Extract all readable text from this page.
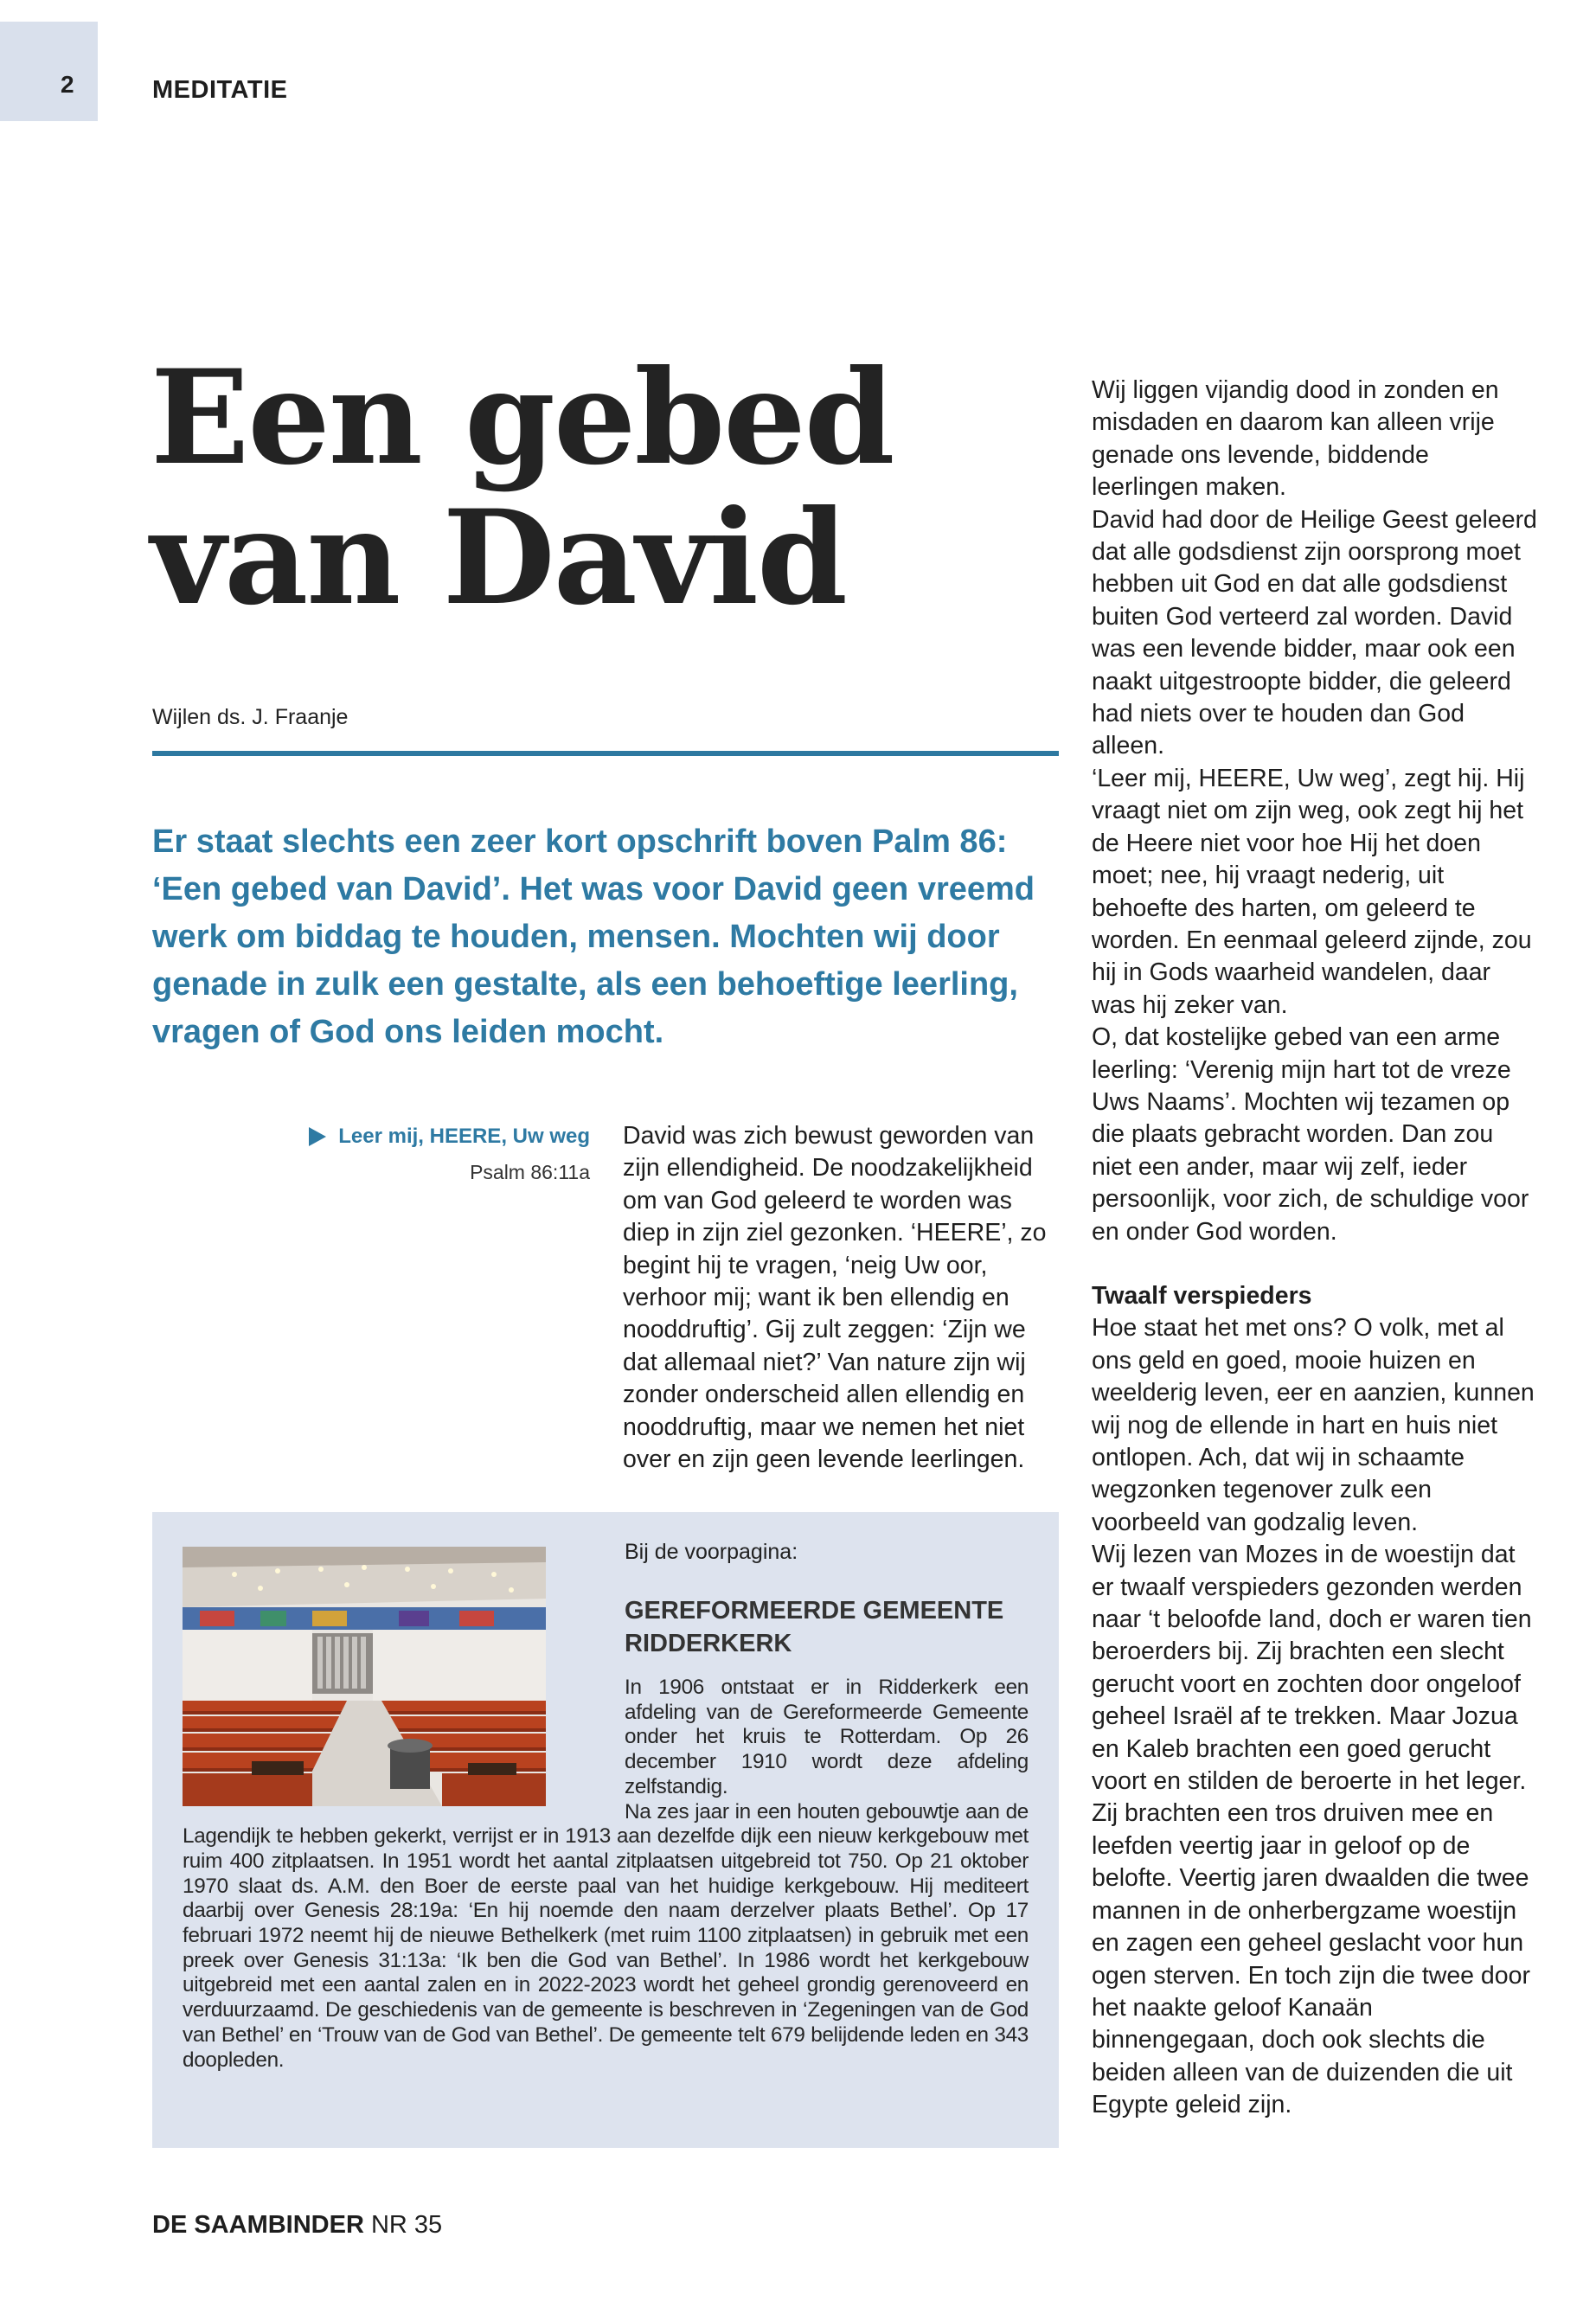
2	MEDITATIE
Een gebed
van David
Wijlen ds. J. Fraanje

Er staat slechts een zeer kort opschrift boven Palm 86: ‘Een gebed van David’. Het was voor David geen vreemd werk om biddag te houden, mensen. Mochten wij door genade in zulk een gestalte, als een behoeftige leerling, vragen of God ons leiden mocht.

Leer mij, HEERE, Uw weg
Psalm 86:11a

David was zich bewust geworden van zijn ellendigheid. De noodzakelijkheid om van God geleerd te worden was diep in zijn ziel gezonken. ‘HEERE’, zo begint hij te vragen, ‘neig Uw oor, verhoor mij; want ik ben ellendig en nooddruftig’. Gij zult zeggen: ‘Zijn we dat allemaal niet?’ Van nature zijn wij zonder onderscheid allen ellendig en nooddruftig, maar we nemen het niet over en zijn geen levende leerlingen.

Wij liggen vijandig dood in zonden en misdaden en daarom kan alleen vrije genade ons levende, biddende leerlingen maken.

David had door de Heilige Geest geleerd dat alle godsdienst zijn oorsprong moet hebben uit God en dat alle godsdienst buiten God verteerd zal worden. David was een levende bidder, maar ook een naakt uitgestroopte bidder, die geleerd had niets over te houden dan God alleen.

‘Leer mij, HEERE, Uw weg’, zegt hij. Hij vraagt niet om zijn weg, ook zegt hij het de Heere niet voor hoe Hij het doen moet; nee, hij vraagt nederig, uit behoefte des harten, om geleerd te worden. En eenmaal geleerd zijnde, zou hij in Gods waarheid wandelen, daar was hij zeker van.

O, dat kostelijke gebed van een arme leerling: ‘Verenig mijn hart tot de vreze Uws Naams’. Mochten wij tezamen op die plaats gebracht worden. Dan zou niet een ander, maar wij zelf, ieder persoonlijk, voor zich, de schuldige voor en onder God worden.

Twaalf verspieders

Hoe staat het met ons? O volk, met al ons geld en goed, mooie huizen en weelderig leven, eer en aanzien, kunnen wij nog de ellende in hart en huis niet ontlopen. Ach, dat wij in schaamte wegzonken tegenover zulk een voorbeeld van godzalig leven.

Wij lezen van Mozes in de woestijn dat er twaalf verspieders gezonden werden naar ‘t beloofde land, doch er waren tien beroerders bij. Zij brachten een slecht gerucht voort en zochten door ongeloof geheel Israël af te trekken. Maar Jozua en Kaleb brachten een goed gerucht voort en stilden de beroerte in het leger. Zij brachten een tros druiven mee en leefden veertig jaar in geloof op de belofte. Veertig jaren dwaalden die twee mannen in de onherbergzame woestijn en zagen een geheel geslacht voor hun ogen sterven. En toch zijn die twee door het naakte geloof Kanaän binnengegaan, doch ook slechts die beiden alleen van de duizenden die uit Egypte geleid zijn.

Bij de voorpagina:
GEREFORMEERDE GEMEENTE RIDDERKERK
In 1906 ontstaat er in Ridderkerk een afdeling van de Gereformeerde Gemeente onder het kruis te Rotterdam. Op 26 december 1910 wordt deze afdeling zelfstandig.
Na zes jaar in een houten gebouwtje aan de Lagendijk te hebben gekerkt, verrijst er in 1913 aan dezelfde dijk een nieuw kerkgebouw met ruim 400 zitplaatsen. In 1951 wordt het aantal zitplaatsen uitgebreid tot 750. Op 21 oktober 1970 slaat ds. A.M. den Boer de eerste paal van het huidige kerkgebouw. Hij mediteert daarbij over Genesis 28:19a: ‘En hij noemde den naam derzelver plaats Bethel’. Op 17 februari 1972 neemt hij de nieuwe Bethelkerk (met ruim 1100 zitplaatsen) in gebruik met een preek over Genesis 31:13a: ‘Ik ben die God van Bethel’. In 1986 wordt het kerkgebouw uitgebreid met een aantal zalen en in 2022-2023 wordt het geheel grondig gerenoveerd en verduurzaamd. De geschiedenis van de gemeente is beschreven in ‘Zegeningen van de God van Bethel’ en ‘Trouw van de God van Bethel’. De gemeente telt 679 belijdende leden en 343 doopleden.
DE SAAMBINDER NR 35
